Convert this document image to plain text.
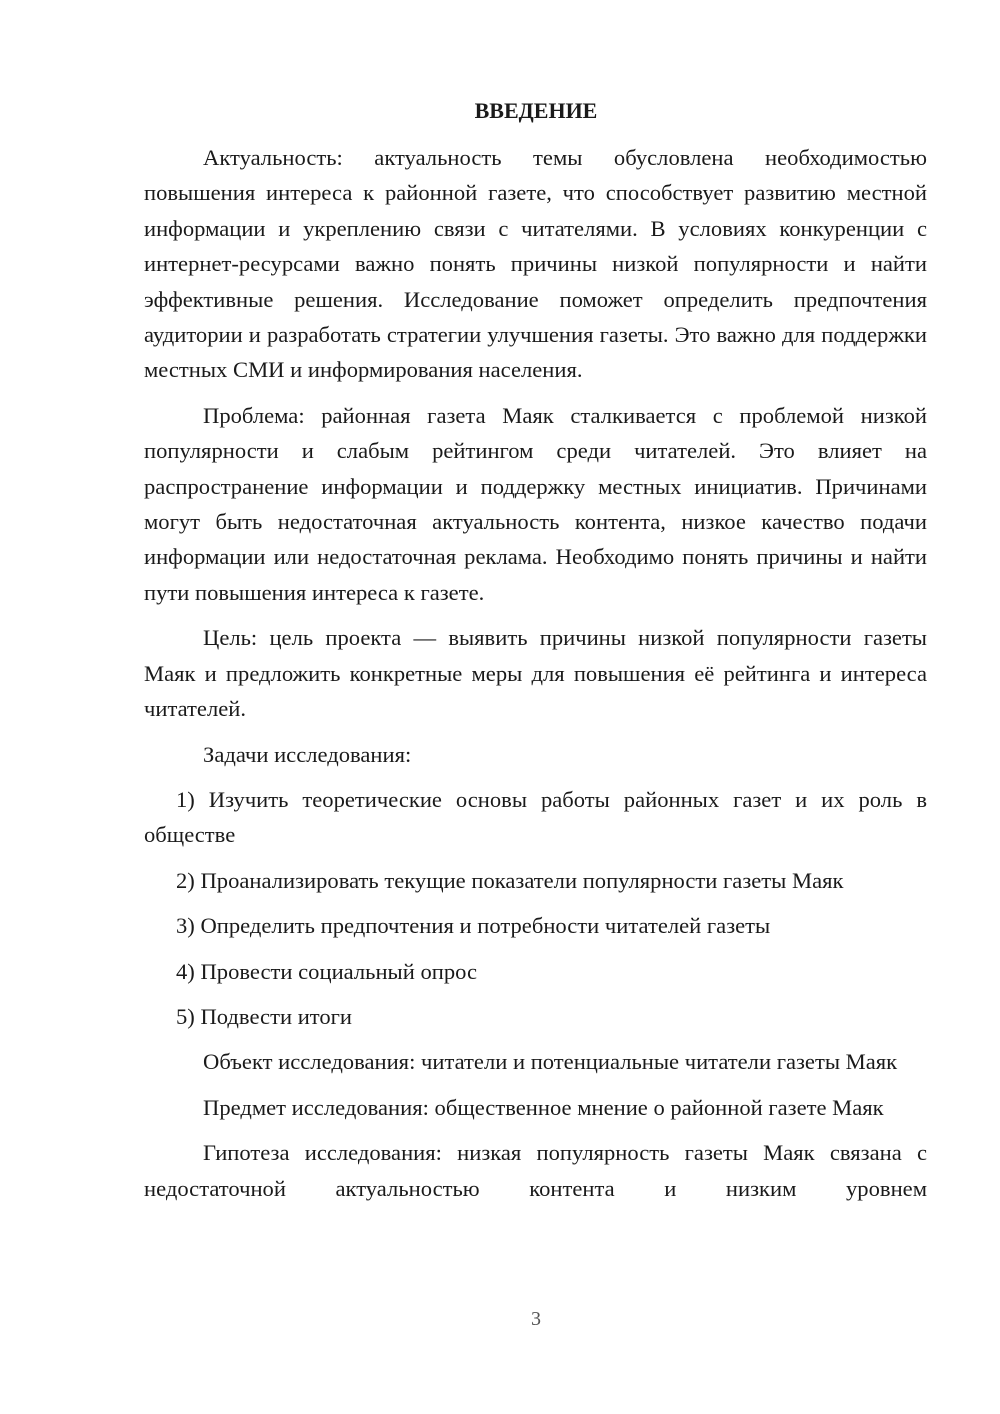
ВВЕДЕНИЕ

Актуальность: актуальность темы обусловлена необходимостью повышения интереса к районной газете, что способствует развитию местной информации и укреплению связи с читателями. В условиях конкуренции с интернет-ресурсами важно понять причины низкой популярности и найти эффективные решения. Исследование поможет определить предпочтения аудитории и разработать стратегии улучшения газеты. Это важно для поддержки местных СМИ и информирования населения.

Проблема: районная газета Маяк сталкивается с проблемой низкой популярности и слабым рейтингом среди читателей. Это влияет на распространение информации и поддержку местных инициатив. Причинами могут быть недостаточная актуальность контента, низкое качество подачи информации или недостаточная реклама. Необходимо понять причины и найти пути повышения интереса к газете.

Цель: цель проекта — выявить причины низкой популярности газеты Маяк и предложить конкретные меры для повышения её рейтинга и интереса читателей.

Задачи исследования:

1) Изучить теоретические основы работы районных газет и их роль в обществе

2) Проанализировать текущие показатели популярности газеты Маяк

3) Определить предпочтения и потребности читателей газеты

4) Провести социальный опрос

5) Подвести итоги

Объект исследования: читатели и потенциальные читатели газеты Маяк

Предмет исследования: общественное мнение о районной газете Маяк

Гипотеза исследования: низкая популярность газеты Маяк связана с недостаточной актуальностью контента и низким уровнем

3
